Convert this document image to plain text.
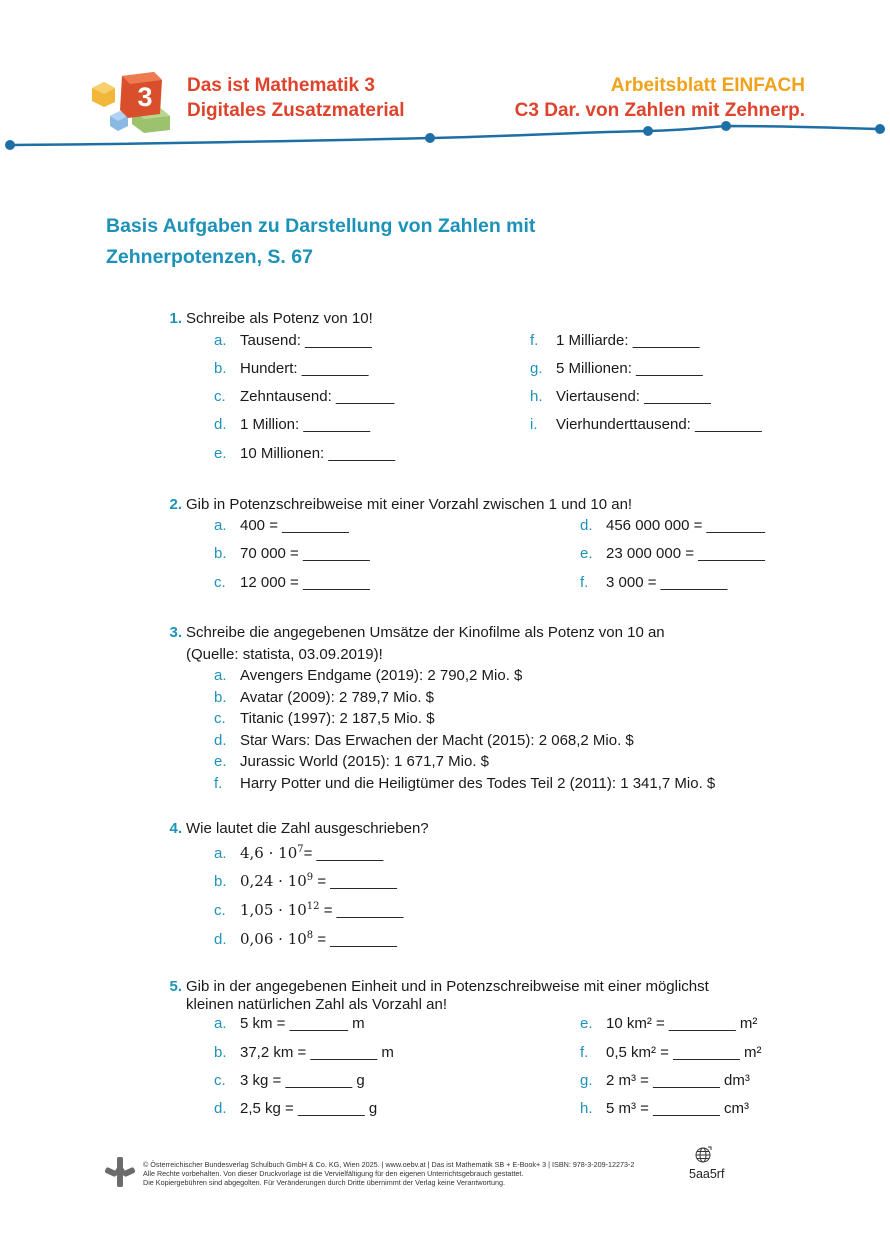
3 Das ist Mathematik 3
Digitales Zusatzmaterial
Arbeitsblatt EINFACH
C3 Dar. von Zahlen mit Zehnerp.
Basis Aufgaben zu Darstellung von Zahlen mit
Zehnerpotenzen, S. 67
1. Schreibe als Potenz von 10!
a. Tausend: ________
b. Hundert: ________
c. Zehntausend: _______
d. 1 Million: ________
e. 10 Millionen: ________
f. 1 Milliarde: ________
g. 5 Millionen: ________
h. Viertausend: ________
i. Vierhunderttausend: ________
2. Gib in Potenzschreibweise mit einer Vorzahl zwischen 1 und 10 an!
a. 400 = ________
b. 70 000 = ________
c. 12 000 = ________
d. 456 000 000 = _______
e. 23 000 000 = ________
f. 3 000 = ________
3. Schreibe die angegebenen Umsätze der Kinofilme als Potenz von 10 an
(Quelle: statista, 03.09.2019)!
a. Avengers Endgame (2019): 2 790,2 Mio. $
b. Avatar (2009): 2 789,7 Mio. $
c. Titanic (1997): 2 187,5 Mio. $
d. Star Wars: Das Erwachen der Macht (2015): 2 068,2 Mio. $
e. Jurassic World (2015): 1 671,7 Mio. $
f. Harry Potter und die Heiligtümer des Todes Teil 2 (2011): 1 341,7 Mio. $
4. Wie lautet die Zahl ausgeschrieben?
a. $4,6 \cdot 10^7=$ ________
b. $0,24 \cdot 10^9$ = ________
c. $1,05 \cdot 10^{12}$ = ________
d. $0,06 \cdot 10^8$ = ________
5. Gib in der angegebenen Einheit und in Potenzschreibweise mit einer möglichst
kleinen natürlichen Zahl als Vorzahl an!
a. 5 km = _______ m
b. 37,2 km = ________ m
c. 3 kg = ________ g
d. 2,5 kg = ________ g
e. 10 km² = ________ m²
f. 0,5 km² = ________ m²
g. 2 m³ = ________ dm³
h. 5 m³ = ________ cm³
© Österreichischer Bundesverlag Schulbuch GmbH & Co. KG, Wien 2025. | www.oebv.at | Das ist Mathematik SB + E-Book+ 3 | ISBN: 978-3-209-12273-2
Alle Rechte vorbehalten. Von dieser Druckvorlage ist die Vervielfältigung für den eigenen Unterrichtsgebrauch gestattet.
Die Kopiergebühren sind abgegolten. Für Veränderungen durch Dritte übernimmt der Verlag keine Verantwortung.
5aa5rf
